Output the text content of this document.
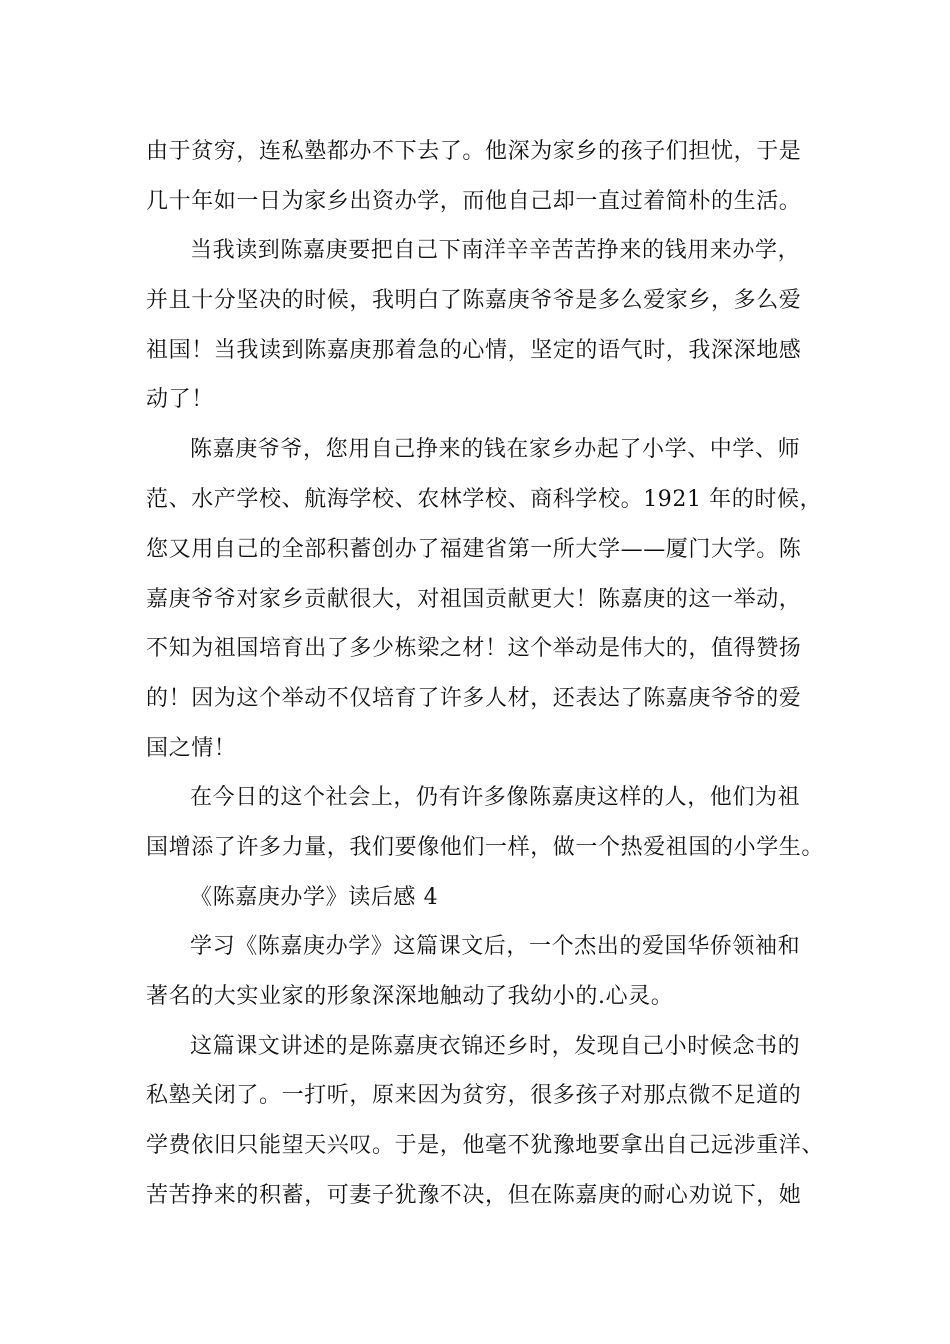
由于贫穷，连私塾都办不下去了。他深为家乡的孩子们担忧，于是
几十年如一日为家乡出资办学，而他自己却一直过着简朴的生活。
当我读到陈嘉庚要把自己下南洋辛辛苦苦挣来的钱用来办学，
并且十分坚决的时候，我明白了陈嘉庚爷爷是多么爱家乡，多么爱
祖国！当我读到陈嘉庚那着急的心情，坚定的语气时，我深深地感
动了！
陈嘉庚爷爷，您用自己挣来的钱在家乡办起了小学、中学、师
范、水产学校、航海学校、农林学校、商科学校。1921 年的时候，
您又用自己的全部积蓄创办了福建省第一所大学——厦门大学。陈
嘉庚爷爷对家乡贡献很大，对祖国贡献更大！陈嘉庚的这一举动，
不知为祖国培育出了多少栋梁之材！这个举动是伟大的，值得赞扬
的！因为这个举动不仅培育了许多人材，还表达了陈嘉庚爷爷的爱
国之情！
在今日的这个社会上，仍有许多像陈嘉庚这样的人，他们为祖
国增添了许多力量，我们要像他们一样，做一个热爱祖国的小学生。
《陈嘉庚办学》读后感 4
学习《陈嘉庚办学》这篇课文后，一个杰出的爱国华侨领袖和
著名的大实业家的形象深深地触动了我幼小的.心灵。
这篇课文讲述的是陈嘉庚衣锦还乡时，发现自己小时候念书的
私塾关闭了。一打听，原来因为贫穷，很多孩子对那点微不足道的
学费依旧只能望天兴叹。于是，他毫不犹豫地要拿出自己远涉重洋、
苦苦挣来的积蓄，可妻子犹豫不决，但在陈嘉庚的耐心劝说下，她
